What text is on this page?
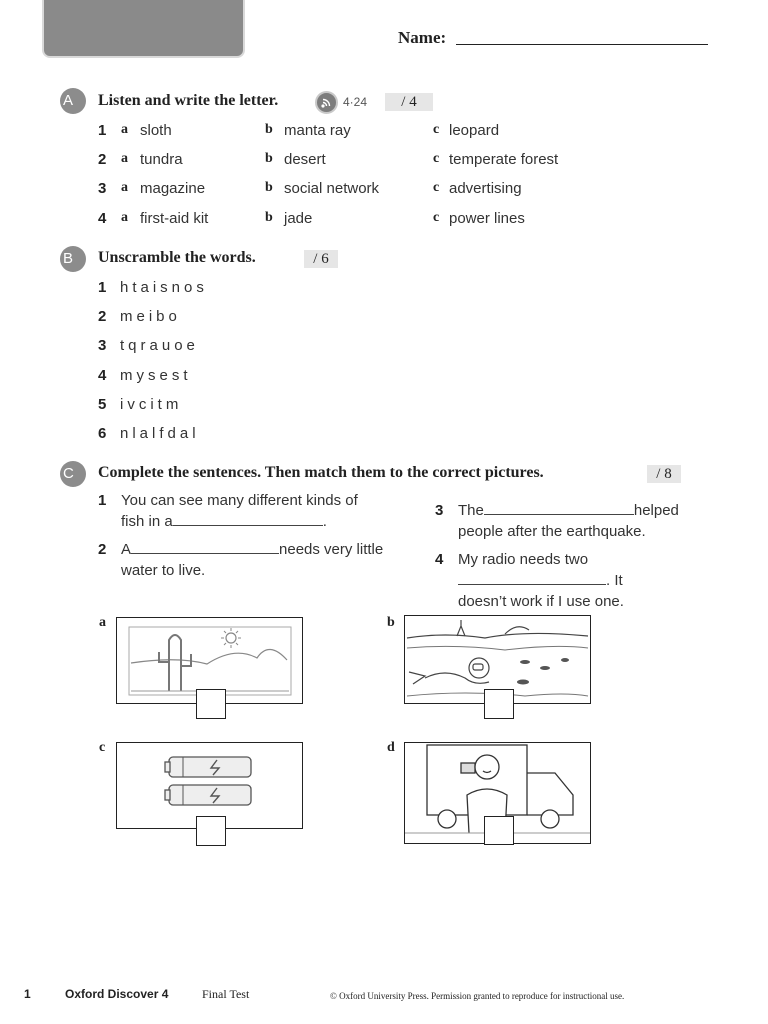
Name:
A	Listen and write the letter.	4·24	/ 4
1 a sloth	b manta ray	c leopard
2 a tundra	b desert	c temperate forest
3 a magazine	b social network	c advertising
4 a first-aid kit	b jade	c power lines
B	Unscramble the words.	/ 6
1 htaisnos
2 meibo
3 tqrauoe
4 mysest
5 ivcitm
6 nlalfdal
C	Complete the sentences. Then match them to the correct pictures.	/ 8
1 You can see many different kinds of
fish in a	.
2 A	needs very little
water to live.
3 The	helped
people after the earthquake.
4 My radio needs two
. It
doesn’t work if I use one.
a	b
c	d
1	Oxford Discover 4	Final Test	© Oxford University Press. Permission granted to reproduce for instructional use.
